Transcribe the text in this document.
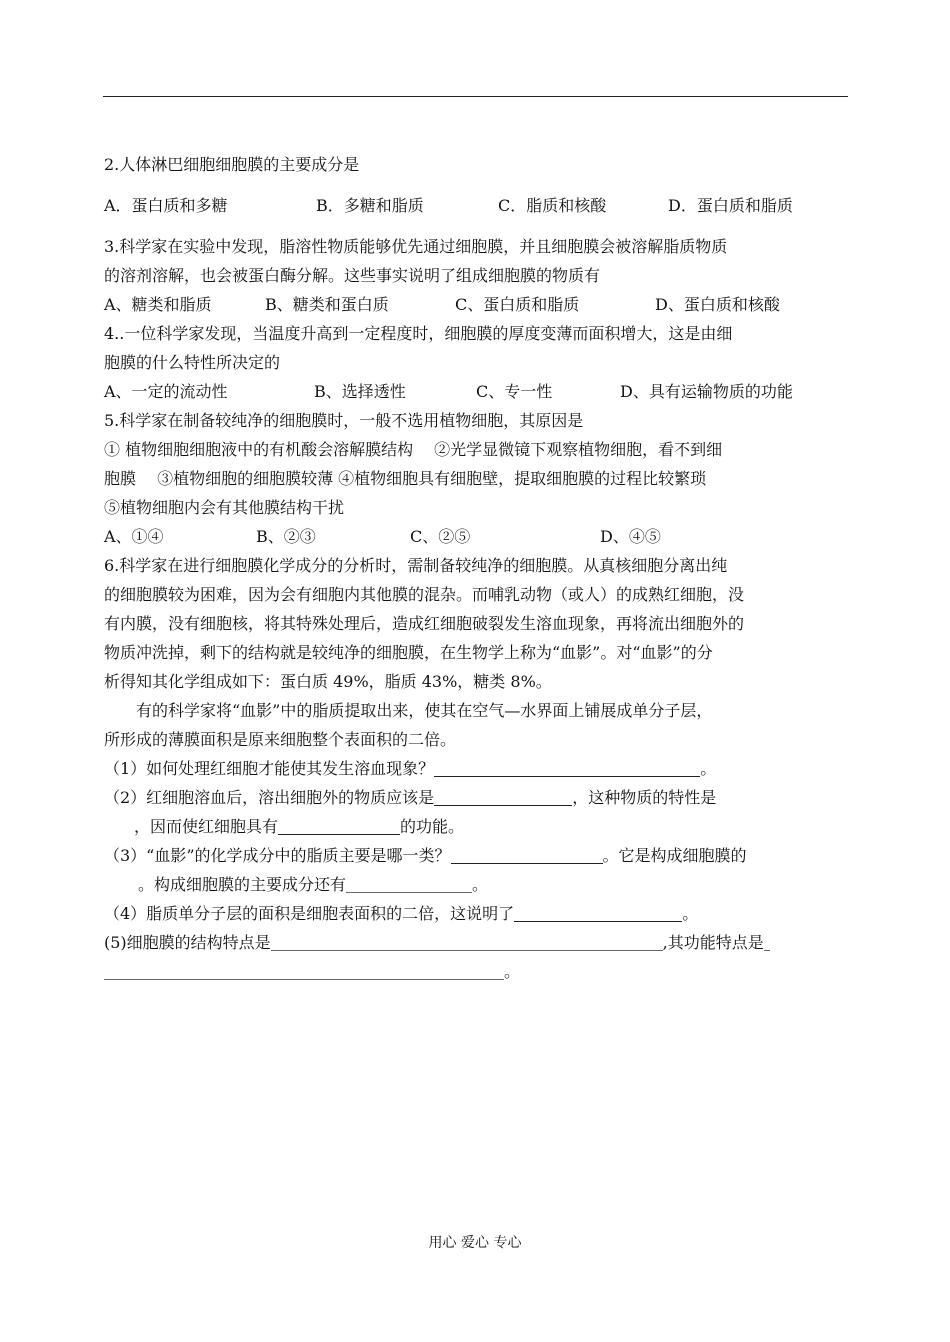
2.人体淋巴细胞细胞膜的主要成分是
A．蛋白质和多糖	B．多糖和脂质	C．脂质和核酸	D．蛋白质和脂质
3.科学家在实验中发现，脂溶性物质能够优先通过细胞膜，并且细胞膜会被溶解脂质物质
的溶剂溶解，也会被蛋白酶分解。这些事实说明了组成细胞膜的物质有
A、糖类和脂质	B、糖类和蛋白质	C、蛋白质和脂质	D、蛋白质和核酸
4..一位科学家发现，当温度升高到一定程度时，细胞膜的厚度变薄而面积增大，这是由细
胞膜的什么特性所决定的
A、一定的流动性	B、选择透性	C、专一性	D、具有运输物质的功能
5.科学家在制备较纯净的细胞膜时，一般不选用植物细胞，其原因是
① 植物细胞细胞液中的有机酸会溶解膜结构　 ②光学显微镜下观察植物细胞，看不到细
胞膜　 ③植物细胞的细胞膜较薄 ④植物细胞具有细胞壁，提取细胞膜的过程比较繁琐
⑤植物细胞内会有其他膜结构干扰
A、①④	B、②③	C、②⑤	D、④⑤
6.科学家在进行细胞膜化学成分的分析时，需制备较纯净的细胞膜。从真核细胞分离出纯
的细胞膜较为困难，因为会有细胞内其他膜的混杂。而哺乳动物（或人）的成熟红细胞，没
有内膜，没有细胞核，将其特殊处理后，造成红细胞破裂发生溶血现象，再将流出细胞外的
物质冲洗掉，剩下的结构就是较纯净的细胞膜，在生物学上称为“血影”。对“血影”的分
析得知其化学组成如下：蛋白质 49%，脂质 43%，糖类 8%。
有的科学家将“血影”中的脂质提取出来，使其在空气—水界面上铺展成单分子层，
所形成的薄膜面积是原来细胞整个表面积的二倍。
（1）如何处理红细胞才能使其发生溶血现象？	。
（2）红细胞溶血后，溶出细胞外的物质应该是	，这种物质的特性是
，因而使红细胞具有	的功能。
（3）“血影”的化学成分中的脂质主要是哪一类？	。它是构成细胞膜的
。构成细胞膜的主要成分还有	。
（4）脂质单分子层的面积是细胞表面积的二倍，这说明了	。
(5)细胞膜的结构特点是	,其功能特点是
。
用心 爱心 专心
